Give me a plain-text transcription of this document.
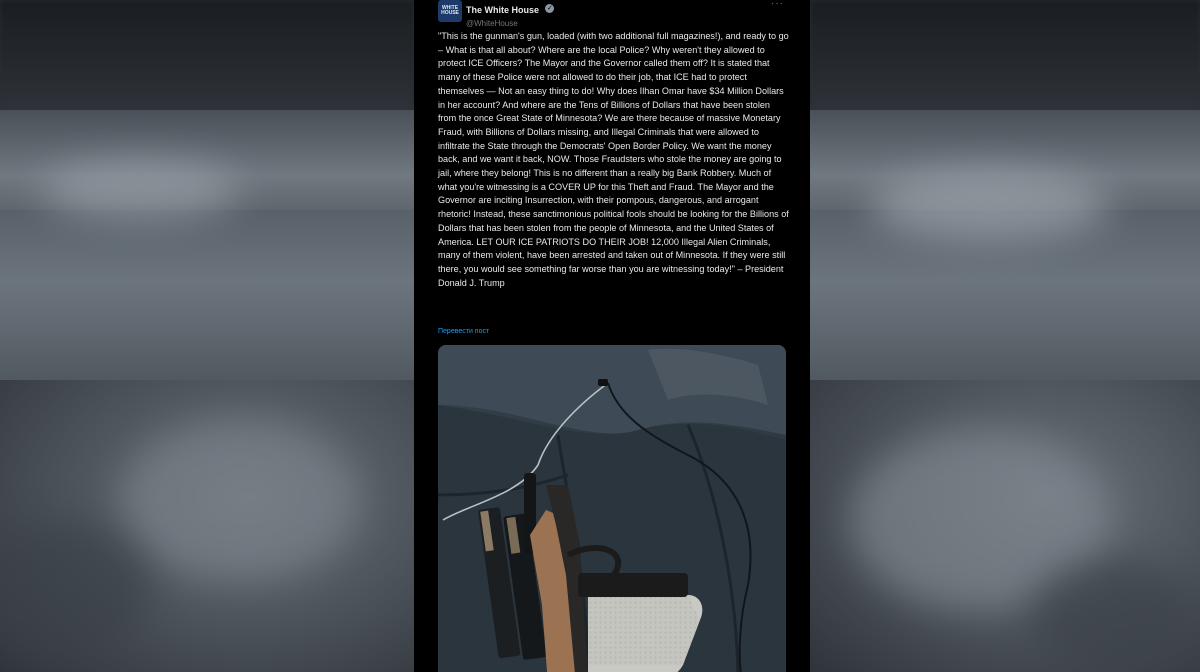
WHITE HOUSE The White House ✓
@WhiteHouse
···
"This is the gunman's gun, loaded (with two additional full magazines!), and ready to go – What is that all about? Where are the local Police? Why weren't they allowed to protect ICE Officers? The Mayor and the Governor called them off? It is stated that many of these Police were not allowed to do their job, that ICE had to protect themselves — Not an easy thing to do! Why does Ilhan Omar have $34 Million Dollars in her account? And where are the Tens of Billions of Dollars that have been stolen from the once Great State of Minnesota? We are there because of massive Monetary Fraud, with Billions of Dollars missing, and Illegal Criminals that were allowed to infiltrate the State through the Democrats' Open Border Policy. We want the money back, and we want it back, NOW. Those Fraudsters who stole the money are going to jail, where they belong! This is no different than a really big Bank Robbery. Much of what you're witnessing is a COVER UP for this Theft and Fraud. The Mayor and the Governor are inciting Insurrection, with their pompous, dangerous, and arrogant rhetoric! Instead, these sanctimonious political fools should be looking for the Billions of Dollars that has been stolen from the people of Minnesota, and the United States of America. LET OUR ICE PATRIOTS DO THEIR JOB! 12,000 Illegal Alien Criminals, many of them violent, have been arrested and taken out of Minnesota. If they were still there, you would see something far worse than you are witnessing today!" – President Donald J. Trump
Перевести пост
